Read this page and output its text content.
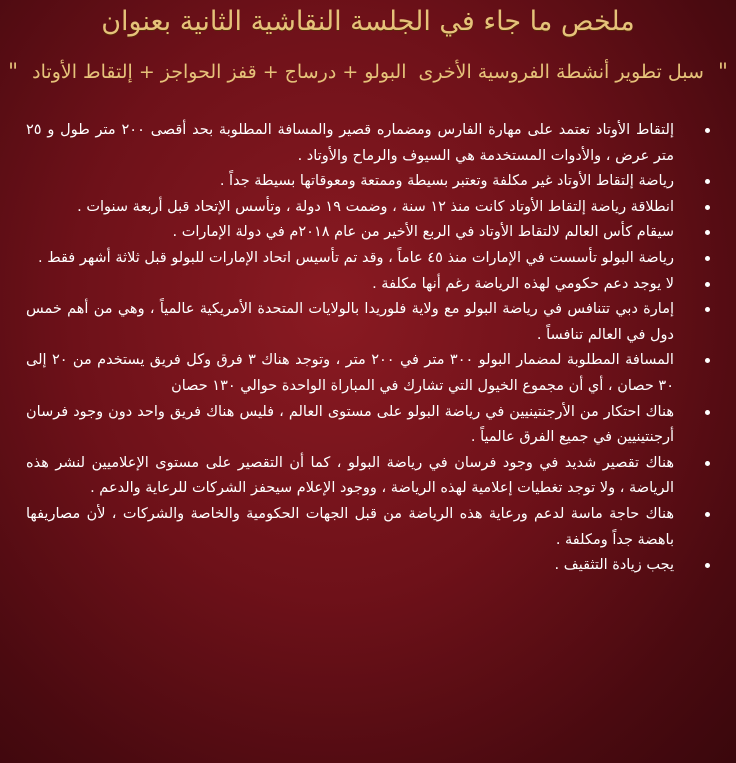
ملخص ما جاء في الجلسة النقاشية الثانية بعنوان
"
سبل تطوير أنشطة الفروسية الأخرى
البولو + درساج + قفز الحواجز + إلتقاط الأوتاد
"
إلتقاط الأوتاد تعتمد على مهارة الفارس ومضماره قصير والمسافة المطلوبة بحد أقصى ٢٠٠ متر طول و ٢٥ متر عرض ، والأدوات المستخدمة هي السيوف والرماح والأوتاد .
رياضة إلتقاط الأوتاد غير مكلفة وتعتبر بسيطة وممتعة ومعوقاتها بسيطة جداً .
انطلاقة رياضة إلتقاط الأوتاد كانت منذ ١٢ سنة ، وضمت ١٩ دولة ، وتأسس الإتحاد قبل أربعة سنوات .
سيقام كأس العالم لالتقاط الأوتاد في الربع الأخير من عام ٢٠١٨م في دولة الإمارات .
رياضة البولو تأسست في الإمارات منذ ٤٥ عاماً ، وقد تم تأسيس اتحاد الإمارات للبولو قبل ثلاثة أشهر فقط .
لا يوجد دعم حكومي لهذه الرياضة رغم أنها مكلفة .
إمارة دبي تتنافس في رياضة البولو مع ولاية فلوريدا بالولايات المتحدة الأمريكية عالمياً ، وهي من أهم خمس دول في العالم تنافساً .
المسافة المطلوبة لمضمار البولو ٣٠٠ متر في ٢٠٠ متر ، وتوجد هناك ٣ فرق وكل فريق يستخدم من ٢٠ إلى ٣٠ حصان ، أي أن مجموع الخيول التي تشارك في المباراة الواحدة حوالي ١٣٠ حصان
هناك احتكار من الأرجنتينيين في رياضة البولو على مستوى العالم ، فليس هناك فريق واحد دون وجود فرسان أرجنتينيين في جميع الفرق عالمياً .
هناك تقصير شديد في وجود فرسان في رياضة البولو ، كما أن التقصير على مستوى الإعلاميين لنشر هذه الرياضة ، ولا توجد تغطيات إعلامية لهذه الرياضة ، ووجود الإعلام سيحفز الشركات للرعاية والدعم .
هناك حاجة ماسة لدعم ورعاية هذه الرياضة من قبل الجهات الحكومية والخاصة والشركات ، لأن مصاريفها باهضة جداً ومكلفة .
يجب زيادة التثقيف .
